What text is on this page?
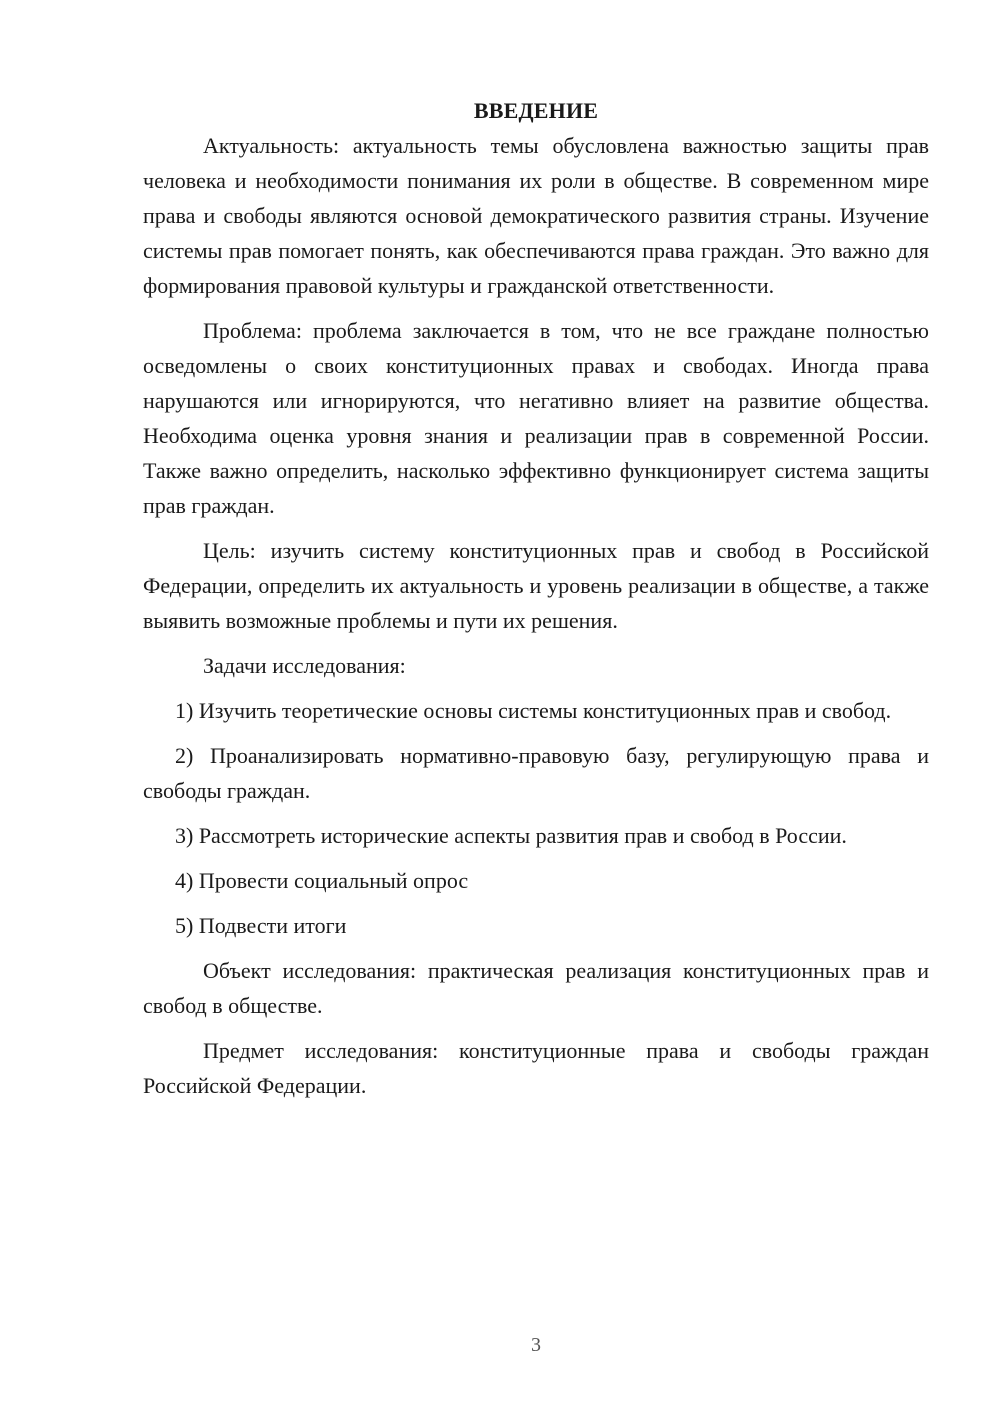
ВВЕДЕНИЕ

Актуальность: актуальность темы обусловлена важностью защиты прав человека и необходимости понимания их роли в обществе. В современном мире права и свободы являются основой демократического развития страны. Изучение системы прав помогает понять, как обеспечиваются права граждан. Это важно для формирования правовой культуры и гражданской ответственности.

Проблема: проблема заключается в том, что не все граждане полностью осведомлены о своих конституционных правах и свободах. Иногда права нарушаются или игнорируются, что негативно влияет на развитие общества. Необходима оценка уровня знания и реализации прав в современной России. Также важно определить, насколько эффективно функционирует система защиты прав граждан.

Цель: изучить систему конституционных прав и свобод в Российской Федерации, определить их актуальность и уровень реализации в обществе, а также выявить возможные проблемы и пути их решения.

Задачи исследования:

1) Изучить теоретические основы системы конституционных прав и свобод.

2) Проанализировать нормативно-правовую базу, регулирующую права и свободы граждан.

3) Рассмотреть исторические аспекты развития прав и свобод в России.

4) Провести социальный опрос

5) Подвести итоги

Объект исследования: практическая реализация конституционных прав и свобод в обществе.

Предмет исследования: конституционные права и свободы граждан Российской Федерации.

3
